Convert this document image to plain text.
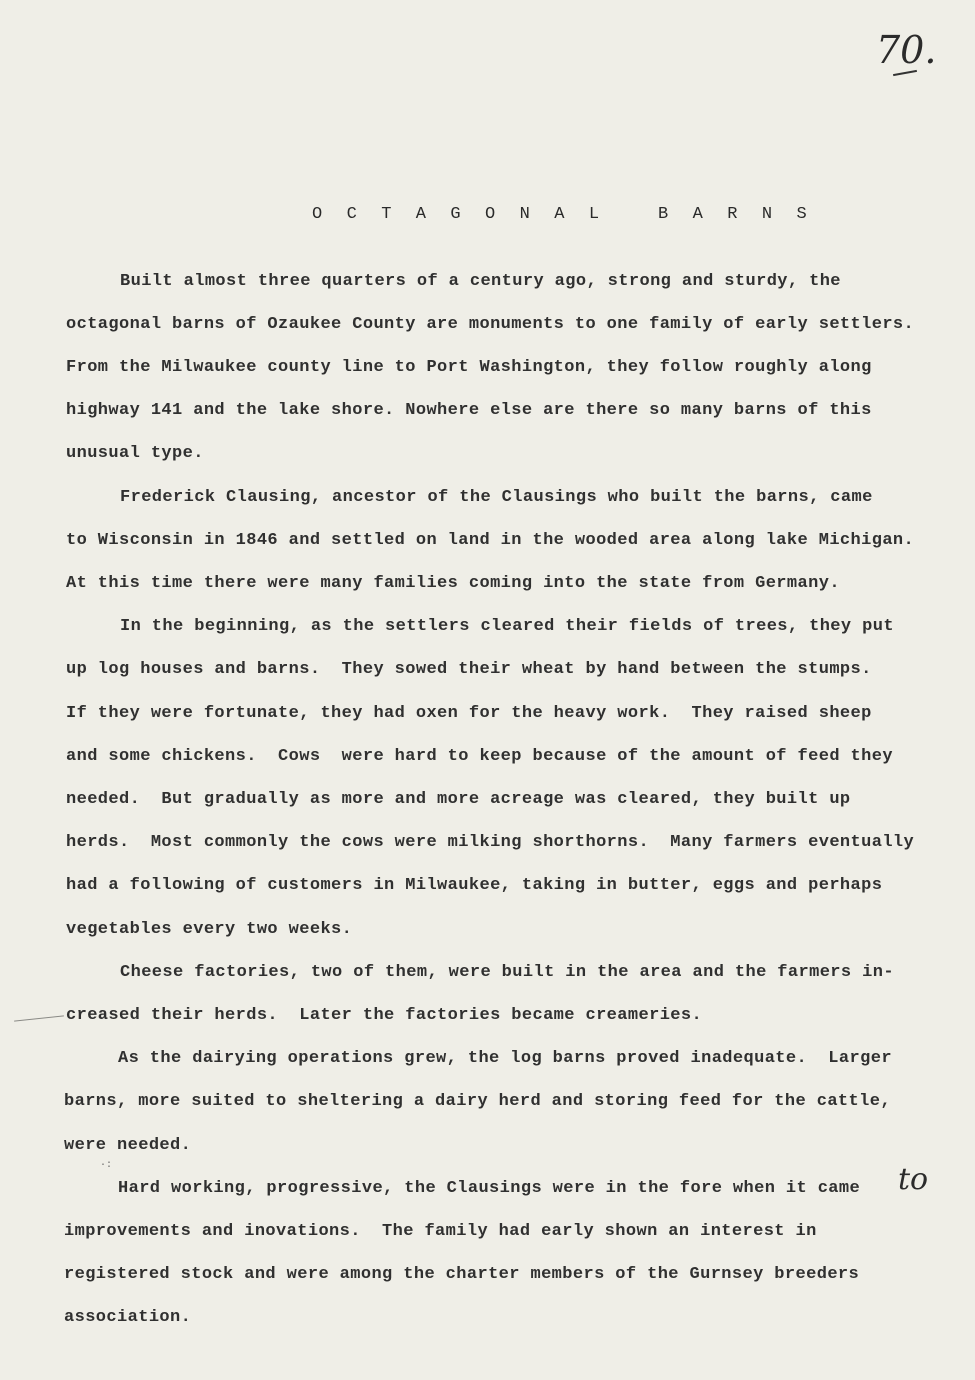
70.
O C T A G O N A L   B A R N S
Built almost three quarters of a century ago, strong and sturdy, the
octagonal barns of Ozaukee County are monuments to one family of early settlers.
From the Milwaukee county line to Port Washington, they follow roughly along
highway 141 and the lake shore. Nowhere else are there so many barns of this
unusual type.
Frederick Clausing, ancestor of the Clausings who built the barns, came
to Wisconsin in 1846 and settled on land in the wooded area along lake Michigan.
At this time there were many families coming into the state from Germany.
In the beginning, as the settlers cleared their fields of trees, they put
up log houses and barns.  They sowed their wheat by hand between the stumps.
If they were fortunate, they had oxen for the heavy work.  They raised sheep
and some chickens.  Cows  were hard to keep because of the amount of feed they
needed.  But gradually as more and more acreage was cleared, they built up
herds.  Most commonly the cows were milking shorthorns.  Many farmers eventually
had a following of customers in Milwaukee, taking in butter, eggs and perhaps
vegetables every two weeks.
Cheese factories, two of them, were built in the area and the farmers in-
creased their herds.  Later the factories became creameries.
As the dairying operations grew, the log barns proved inadequate.  Larger
barns, more suited to sheltering a dairy herd and storing feed for the cattle,
were needed.
Hard working, progressive, the Clausings were in the fore when it came
improvements and inovations.  The family had early shown an interest in
registered stock and were among the charter members of the Gurnsey breeders
association.
to
·:
